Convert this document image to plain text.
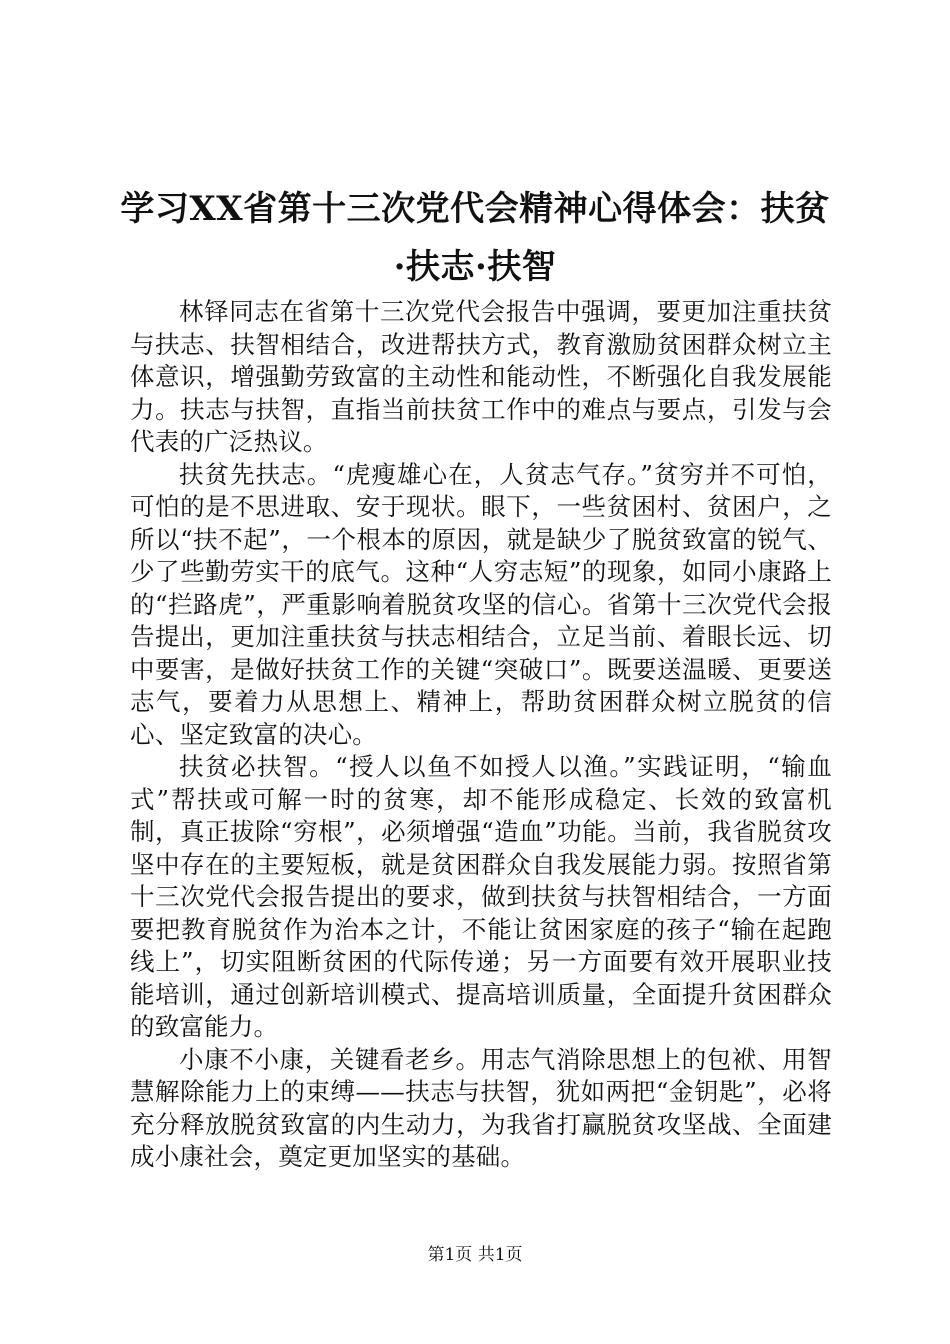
学习XX省第十三次党代会精神心得体会：扶贫·扶志·扶智

林铎同志在省第十三次党代会报告中强调，要更加注重扶贫与扶志、扶智相结合，改进帮扶方式，教育激励贫困群众树立主体意识，增强勤劳致富的主动性和能动性，不断强化自我发展能力。扶志与扶智，直指当前扶贫工作中的难点与要点，引发与会代表的广泛热议。

扶贫先扶志。“虎瘦雄心在，人贫志气存。”贫穷并不可怕，可怕的是不思进取、安于现状。眼下，一些贫困村、贫困户，之所以“扶不起”，一个根本的原因，就是缺少了脱贫致富的锐气、少了些勤劳实干的底气。这种“人穷志短”的现象，如同小康路上的“拦路虎”，严重影响着脱贫攻坚的信心。省第十三次党代会报告提出，更加注重扶贫与扶志相结合，立足当前、着眼长远、切中要害，是做好扶贫工作的关键“突破口”。既要送温暖、更要送志气，要着力从思想上、精神上，帮助贫困群众树立脱贫的信心、坚定致富的决心。

扶贫必扶智。“授人以鱼不如授人以渔。”实践证明，“输血式”帮扶或可解一时的贫寒，却不能形成稳定、长效的致富机制，真正拔除“穷根”，必须增强“造血”功能。当前，我省脱贫攻坚中存在的主要短板，就是贫困群众自我发展能力弱。按照省第十三次党代会报告提出的要求，做到扶贫与扶智相结合，一方面要把教育脱贫作为治本之计，不能让贫困家庭的孩子“输在起跑线上”，切实阻断贫困的代际传递；另一方面要有效开展职业技能培训，通过创新培训模式、提高培训质量，全面提升贫困群众的致富能力。

小康不小康，关键看老乡。用志气消除思想上的包袱、用智慧解除能力上的束缚——扶志与扶智，犹如两把“金钥匙”，必将充分释放脱贫致富的内生动力，为我省打赢脱贫攻坚战、全面建成小康社会，奠定更加坚实的基础。

第1页 共1页
